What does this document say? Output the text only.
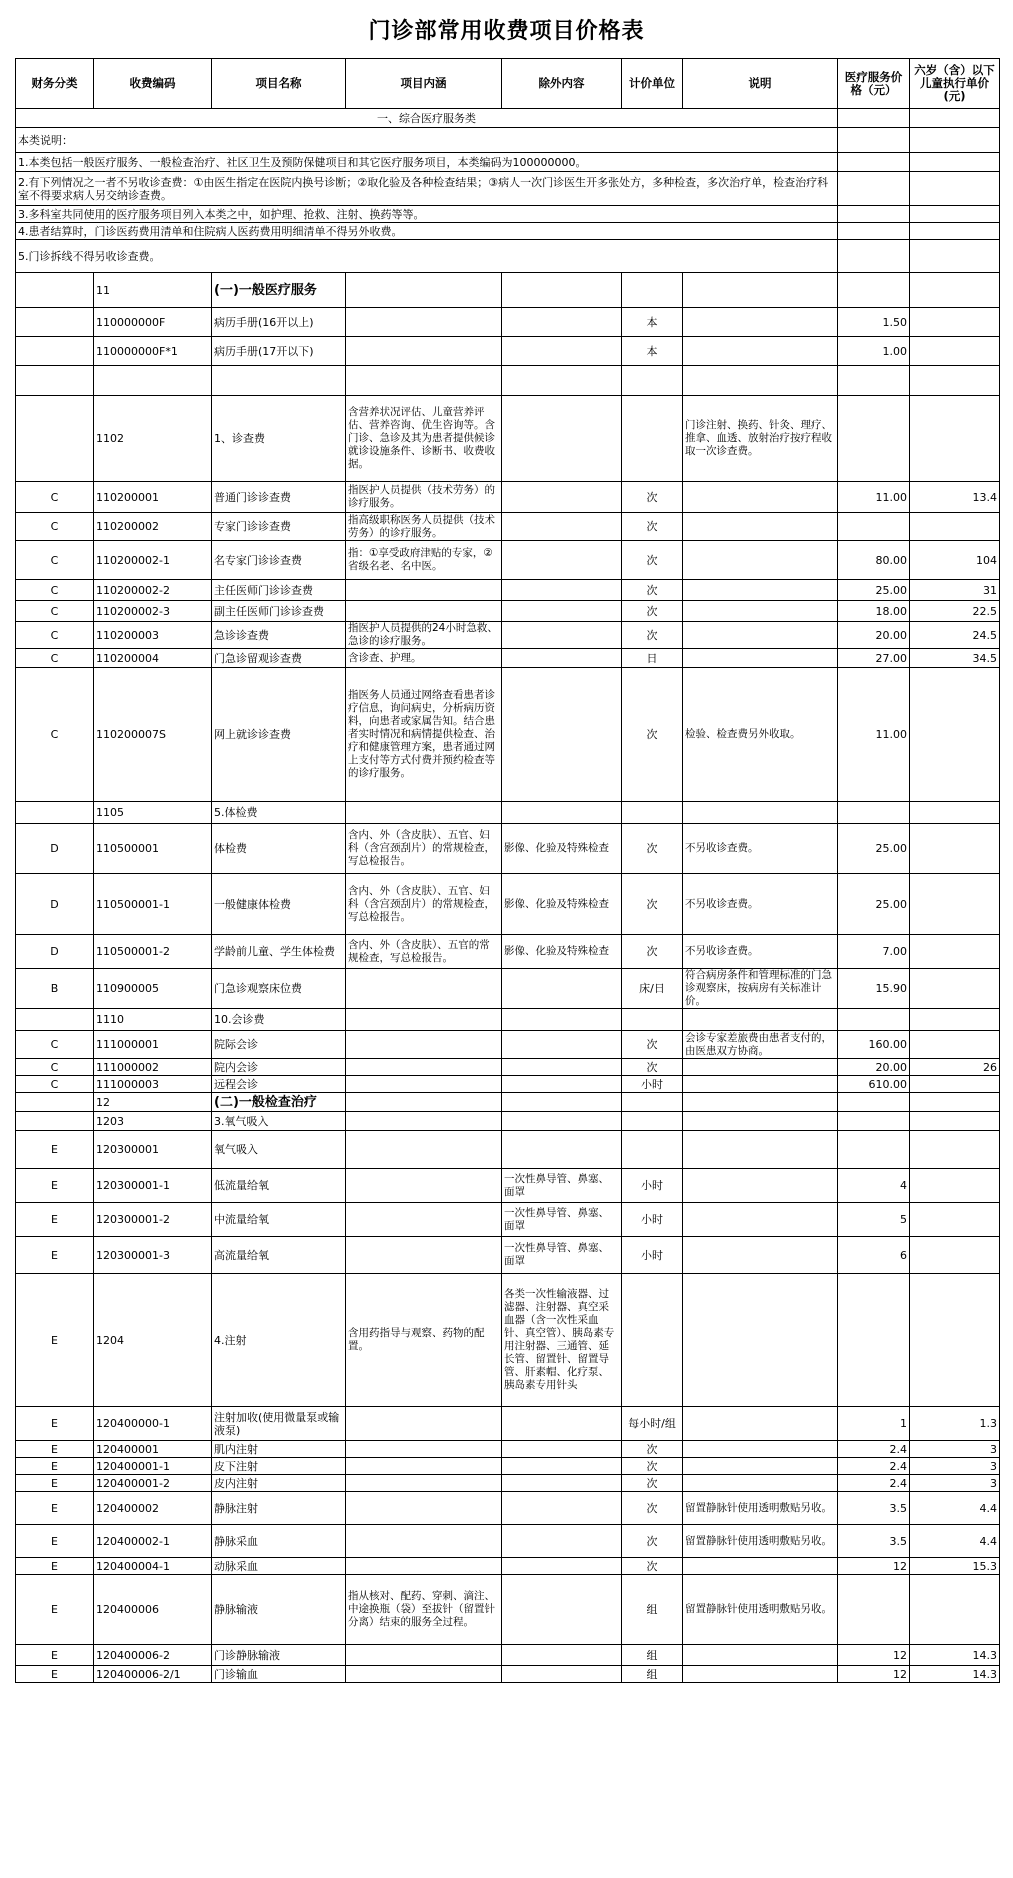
门诊部常用收费项目价格表
财务分类	收费编码	项目名称	项目内涵	除外内容	计价单位	说明	医疗服务价格（元）	六岁（含）以下儿童执行单价(元)
一、综合医疗服务类								
本类说明：								
1.本类包括一般医疗服务、一般检查治疗、社区卫生及预防保健项目和其它医疗服务项目，本类编码为100000000。								
2.有下列情况之一者不另收诊查费：①由医生指定在医院内换号诊断；②取化验及各种检查结果；③病人一次门诊医生开多张处方，多种检查，多次治疗单，检查治疗科室不得要求病人另交纳诊查费。								
3.多科室共同使用的医疗服务项目列入本类之中，如护理、抢救、注射、换药等等。								
4.患者结算时，门诊医药费用清单和住院病人医药费用明细清单不得另外收费。								
5.门诊拆线不得另收诊查费。								
	11	(一)一般医疗服务						
	110000000F	病历手册(16开以上)			本		1.50	
	110000000F*1	病历手册(17开以下)			本		1.00	

	1102	1、诊查费	含营养状况评估、儿童营养评估、营养咨询、优生咨询等。含门诊、急诊及其为患者提供候诊就诊设施条件、诊断书、收费收据。			门诊注射、换药、针灸、理疗、推拿、血透、放射治疗按疗程收取一次诊查费。		
C	110200001	普通门诊诊查费	指医护人员提供（技术劳务）的诊疗服务。		次		11.00	13.4
C	110200002	专家门诊诊查费	指高级职称医务人员提供（技术劳务）的诊疗服务。		次			
C	110200002-1	名专家门诊诊查费	指：①享受政府津贴的专家，②省级名老、名中医。		次		80.00	104
C	110200002-2	主任医师门诊诊查费			次		25.00	31
C	110200002-3	副主任医师门诊诊查费			次		18.00	22.5
C	110200003	急诊诊查费	指医护人员提供的24小时急救、急诊的诊疗服务。		次		20.00	24.5
C	110200004	门急诊留观诊查费	含诊查、护理。		日		27.00	34.5
C	110200007S	网上就诊诊查费	指医务人员通过网络查看患者诊疗信息，询问病史，分析病历资料，向患者或家属告知。结合患者实时情况和病情提供检查、治疗和健康管理方案，患者通过网上支付等方式付费并预约检查等的诊疗服务。		次	检验、检查费另外收取。	11.00	
	1105	5.体检费						
D	110500001	体检费	含内、外（含皮肤）、五官、妇科（含宫颈刮片）的常规检查，写总检报告。	影像、化验及特殊检查	次	不另收诊查费。	25.00	
D	110500001-1	一般健康体检费	含内、外（含皮肤）、五官、妇科（含宫颈刮片）的常规检查，写总检报告。	影像、化验及特殊检查	次	不另收诊查费。	25.00	
D	110500001-2	学龄前儿童、学生体检费	含内、外（含皮肤）、五官的常规检查，写总检报告。	影像、化验及特殊检查	次	不另收诊查费。	7.00	
B	110900005	门急诊观察床位费			床/日	符合病房条件和管理标准的门急诊观察床，按病房有关标准计价。	15.90	
	1110	10.会诊费						
C	111000001	院际会诊			次	会诊专家差旅费由患者支付的，由医患双方协商。	160.00	
C	111000002	院内会诊			次		20.00	26
C	111000003	远程会诊			小时		610.00	
	12	(二)一般检查治疗						
	1203	3.氧气吸入						
E	120300001	氧气吸入						
E	120300001-1	低流量给氧		一次性鼻导管、鼻塞、面罩	小时		4	
E	120300001-2	中流量给氧		一次性鼻导管、鼻塞、面罩	小时		5	
E	120300001-3	高流量给氧		一次性鼻导管、鼻塞、面罩	小时		6	
E	1204	4.注射	含用药指导与观察、药物的配置。	各类一次性输液器、过滤器、注射器、真空采血器（含一次性采血针、真空管）、胰岛素专用注射器、三通管、延长管、留置针、留置导管、肝素帽、化疗泵、胰岛素专用针头				
E	120400000-1	注射加收(使用微量泵或输液泵)			每小时/组		1	1.3
E	120400001	肌内注射			次		2.4	3
E	120400001-1	皮下注射			次		2.4	3
E	120400001-2	皮内注射			次		2.4	3
E	120400002	静脉注射			次	留置静脉针使用透明敷贴另收。	3.5	4.4
E	120400002-1	静脉采血			次	留置静脉针使用透明敷贴另收。	3.5	4.4
E	120400004-1	动脉采血			次		12	15.3
E	120400006	静脉输液	指从核对、配药、穿刺、滴注、中途换瓶（袋）至拔针（留置针分离）结束的服务全过程。		组	留置静脉针使用透明敷贴另收。		
E	120400006-2	门诊静脉输液			组		12	14.3
E	120400006-2/1	门诊输血			组		12	14.3
